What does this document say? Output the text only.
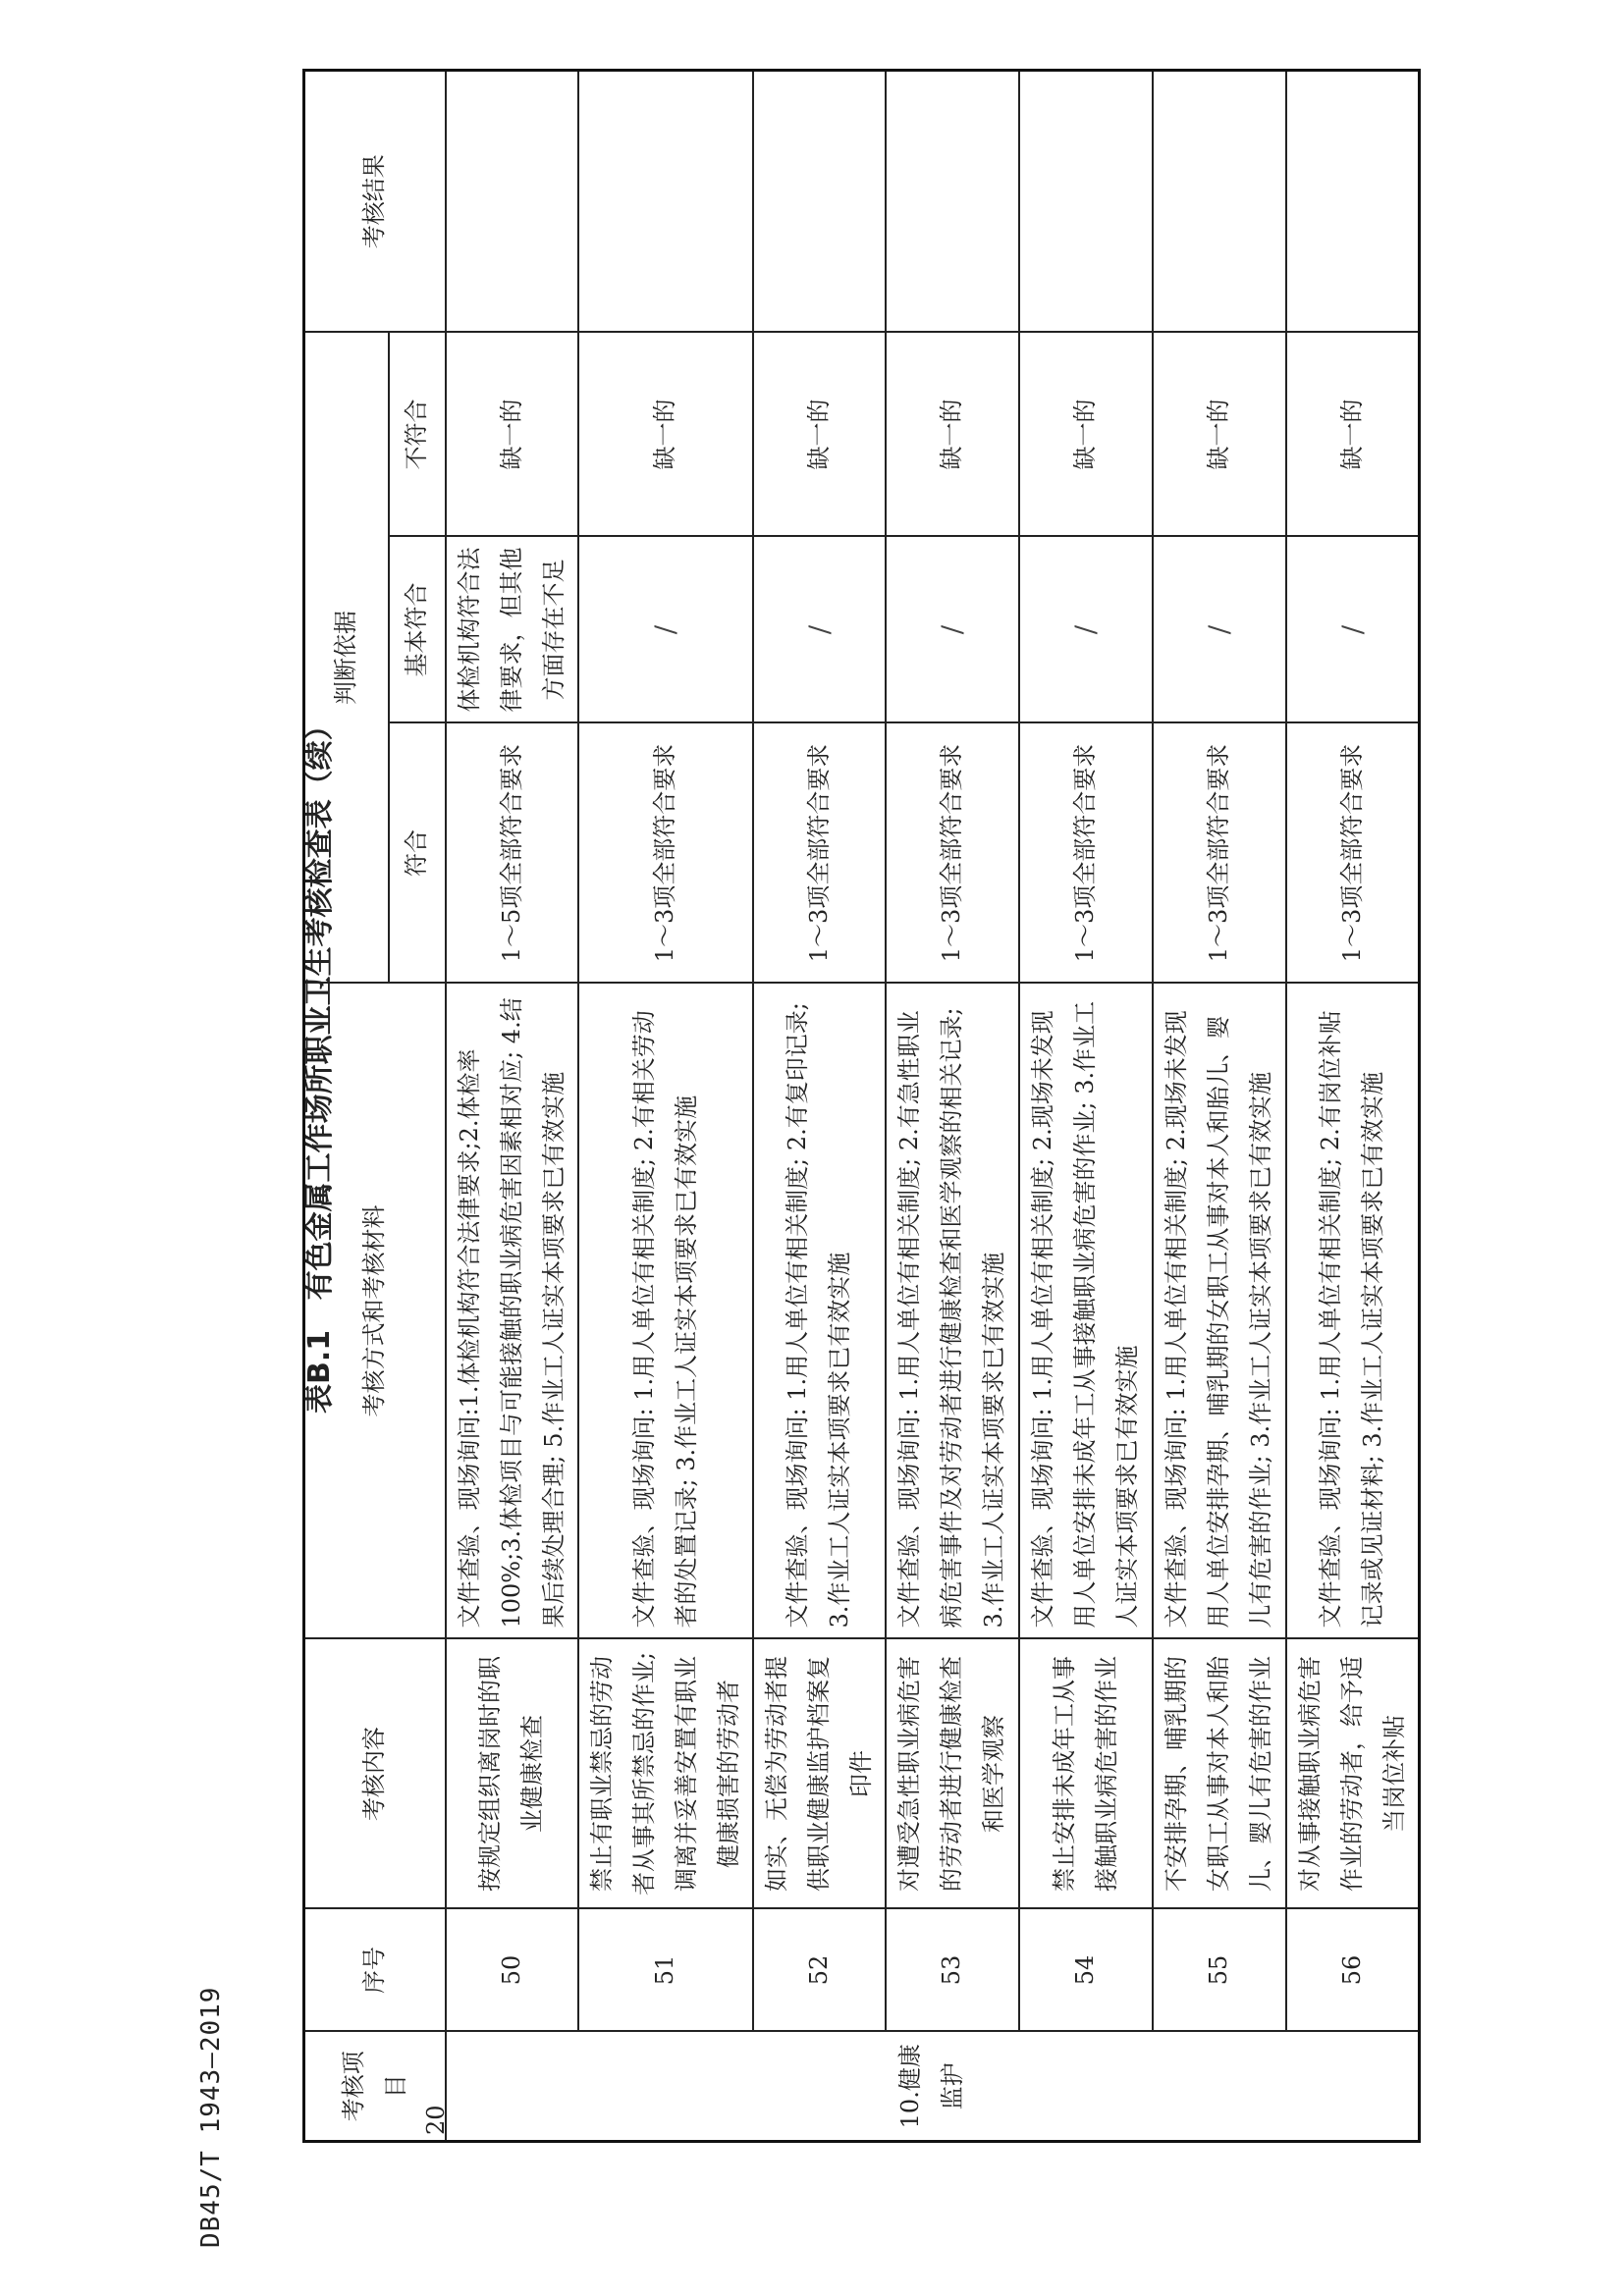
DB45/T 1943—2019	20
表B.1 有色金属工作场所职业卫生考核检查表（续）
考核项目	序号	考核内容	考核方式和考核材料	判断依据			考核结果
				符合	基本符合	不符合	
10.健康监护	50	按规定组织离岗时的职业健康检查	文件查验、现场询问:1.体检机构符合法律要求;2.体检率100%;3.体检项目与可能接触的职业病危害因素相对应; 4.结果后续处理合理; 5.作业工人证实本项要求已有效实施	1～5项全部符合要求	体检机构符合法律要求，但其他方面存在不足	缺一的	
	51	禁止有职业禁忌的劳动者从事其所禁忌的作业;调离并妥善安置有职业健康损害的劳动者	文件查验、现场询问: 1.用人单位有相关制度; 2.有相关劳动者的处置记录; 3.作业工人证实本项要求已有效实施	1～3项全部符合要求	/	缺一的	
	52	如实、无偿为劳动者提供职业健康监护档案复印件	文件查验、现场询问: 1.用人单位有相关制度; 2.有复印记录; 3.作业工人证实本项要求已有效实施	1～3项全部符合要求	/	缺一的	
	53	对遭受急性职业病危害的劳动者进行健康检查和医学观察	文件查验、现场询问: 1.用人单位有相关制度; 2.有急性职业病危害事件及对劳动者进行健康检查和医学观察的相关记录; 3.作业工人证实本项要求已有效实施	1～3项全部符合要求	/	缺一的	
	54	禁止安排未成年工从事接触职业病危害的作业	文件查验、现场询问: 1.用人单位有相关制度; 2.现场未发现用人单位安排未成年工从事接触职业病危害的作业; 3.作业工人证实本项要求已有效实施	1～3项全部符合要求	/	缺一的	
	55	不安排孕期、哺乳期的女职工从事对本人和胎儿、婴儿有危害的作业	文件查验、现场询问: 1.用人单位有相关制度; 2.现场未发现用人单位安排孕期、哺乳期的女职工从事对本人和胎儿、婴儿有危害的作业; 3.作业工人证实本项要求已有效实施	1～3项全部符合要求	/	缺一的	
	56	对从事接触职业病危害作业的劳动者，给予适当岗位补贴	文件查验、现场询问: 1.用人单位有相关制度; 2.有岗位补贴记录或见证材料; 3.作业工人证实本项要求已有效实施	1～3项全部符合要求	/	缺一的	
